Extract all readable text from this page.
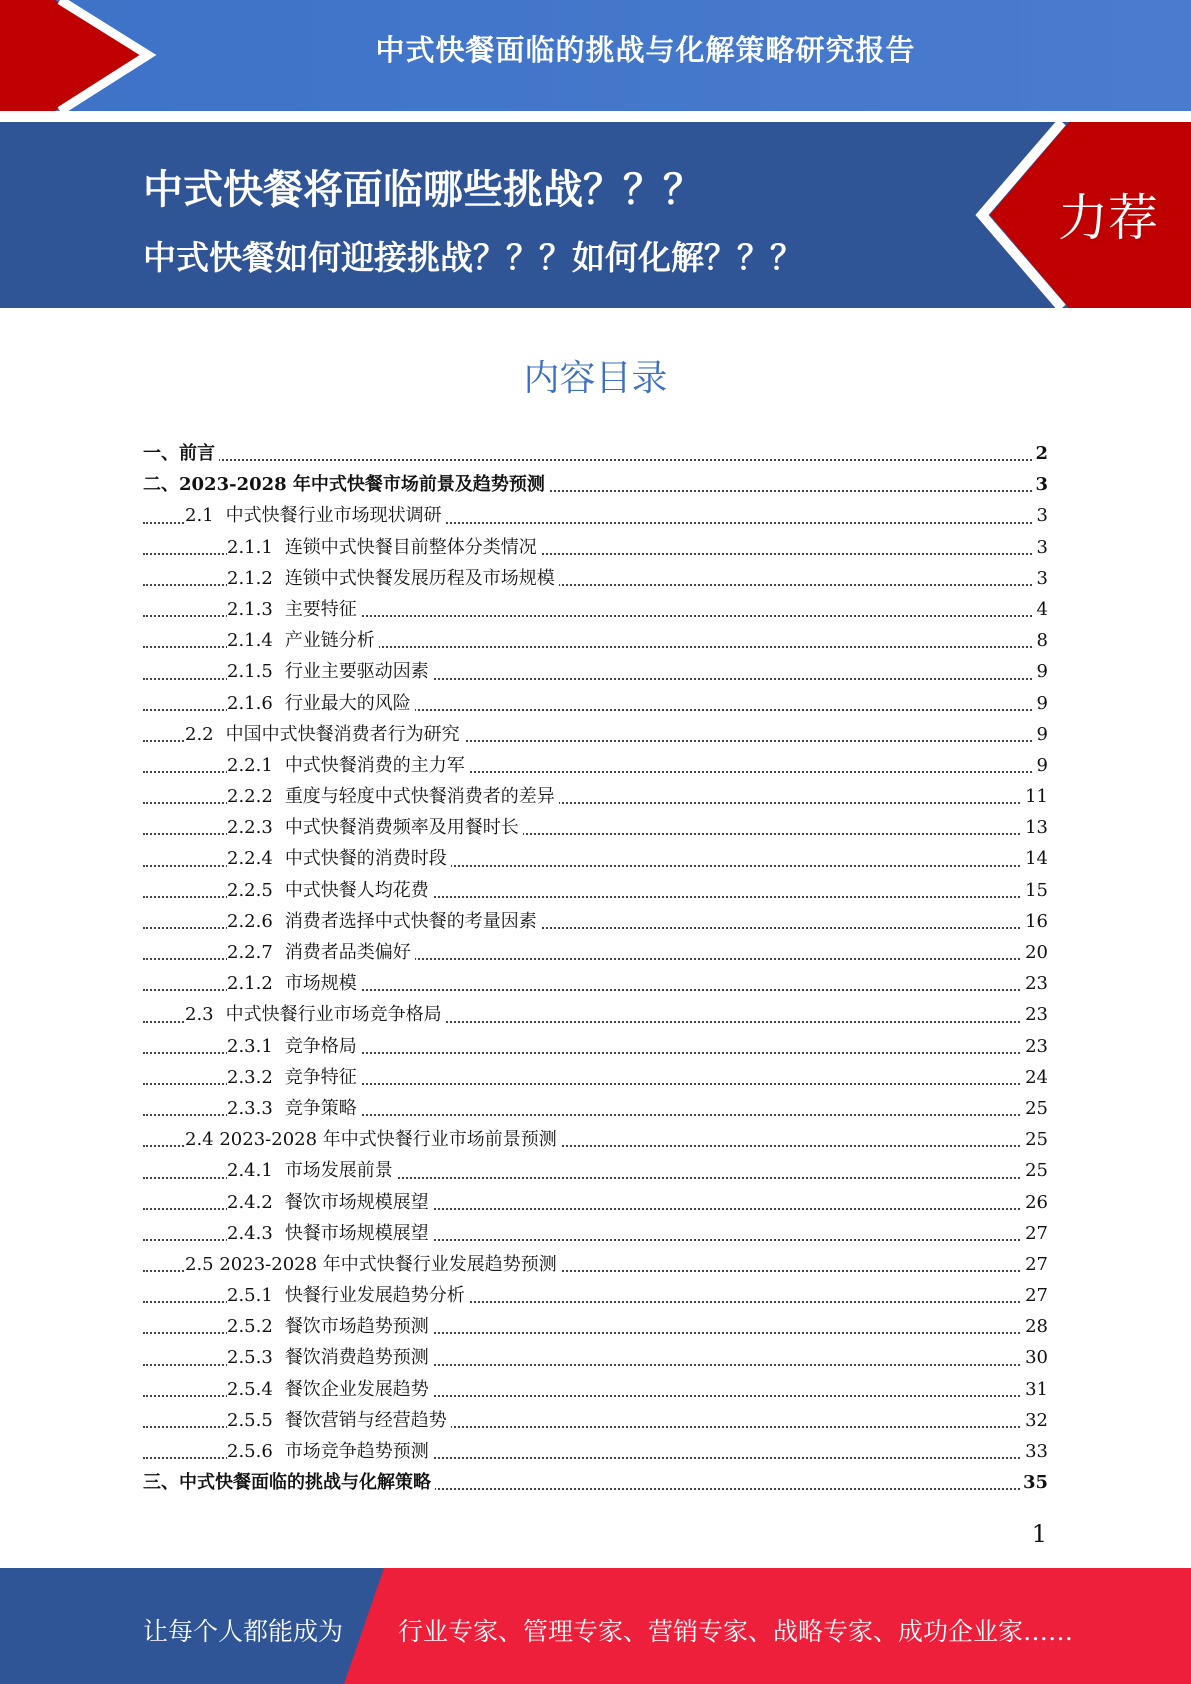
中式快餐面临的挑战与化解策略研究报告
中式快餐将面临哪些挑战？？？
中式快餐如何迎接挑战？？？如何化解？？？
力荐
内容目录
一、前言	2
二、2023-2028 年中式快餐市场前景及趋势预测	3
2.1 中式快餐行业市场现状调研	3
2.1.1 连锁中式快餐目前整体分类情况	3
2.1.2 连锁中式快餐发展历程及市场规模	3
2.1.3 主要特征	4
2.1.4 产业链分析	8
2.1.5 行业主要驱动因素	9
2.1.6 行业最大的风险	9
2.2 中国中式快餐消费者行为研究	9
2.2.1 中式快餐消费的主力军	9
2.2.2 重度与轻度中式快餐消费者的差异	11
2.2.3 中式快餐消费频率及用餐时长	13
2.2.4 中式快餐的消费时段	14
2.2.5 中式快餐人均花费	15
2.2.6 消费者选择中式快餐的考量因素	16
2.2.7 消费者品类偏好	20
2.1.2 市场规模	23
2.3 中式快餐行业市场竞争格局	23
2.3.1 竞争格局	23
2.3.2 竞争特征	24
2.3.3 竞争策略	25
2.4 2023-2028 年中式快餐行业市场前景预测	25
2.4.1 市场发展前景	25
2.4.2 餐饮市场规模展望	26
2.4.3 快餐市场规模展望	27
2.5 2023-2028 年中式快餐行业发展趋势预测	27
2.5.1 快餐行业发展趋势分析	27
2.5.2 餐饮市场趋势预测	28
2.5.3 餐饮消费趋势预测	30
2.5.4 餐饮企业发展趋势	31
2.5.5 餐饮营销与经营趋势	32
2.5.6 市场竞争趋势预测	33
三、中式快餐面临的挑战与化解策略	35
1
让每个人都能成为 行业专家、管理专家、营销专家、战略专家、成功企业家……
